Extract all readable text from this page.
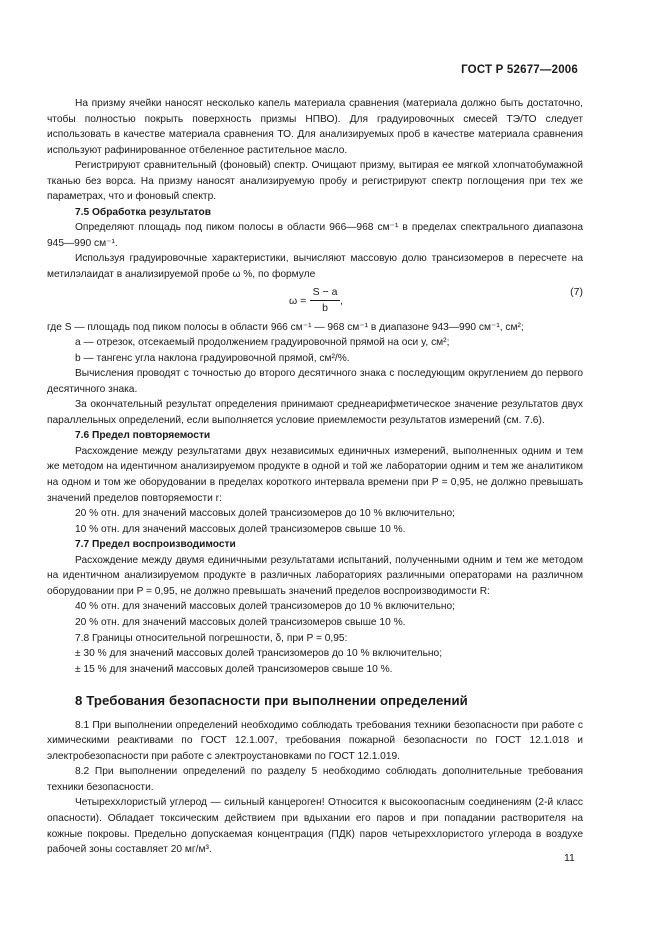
ГОСТ Р 52677—2006

На призму ячейки наносят несколько капель материала сравнения (материала должно быть достаточно, чтобы полностью покрыть поверхность призмы НПВО). Для градуировочных смесей ТЭ/ТО следует использовать в качестве материала сравнения ТО. Для анализируемых проб в качестве материала сравнения используют рафинированное отбеленное растительное масло.

Регистрируют сравнительный (фоновый) спектр. Очищают призму, вытирая ее мягкой хлопчатобумажной тканью без ворса. На призму наносят анализируемую пробу и регистрируют спектр поглощения при тех же параметрах, что и фоновый спектр.

7.5 Обработка результатов

Определяют площадь под пиком полосы в области 966—968 см⁻¹ в пределах спектрального диапазона 945—990 см⁻¹.

Используя градуировочные характеристики, вычисляют массовую долю трансизомеров в пересчете на метилэлаидат в анализируемой пробе ω %, по формуле

$\omega = \frac{S - a}{b}$ ,
(7)

где S — площадь под пиком полосы в области 966 см⁻¹ — 968 см⁻¹ в диапазоне 943—990 см⁻¹, см²;

a — отрезок, отсекаемый продолжением градуировочной прямой на оси y, см²;

b — тангенс угла наклона градуировочной прямой, см²/%.

Вычисления проводят с точностью до второго десятичного знака с последующим округлением до первого десятичного знака.

За окончательный результат определения принимают среднеарифметическое значение результатов двух параллельных определений, если выполняется условие приемлемости результатов измерений (см. 7.6).

7.6 Предел повторяемости

Расхождение между результатами двух независимых единичных измерений, выполненных одним и тем же методом на идентичном анализируемом продукте в одной и той же лаборатории одним и тем же аналитиком на одном и том же оборудовании в пределах короткого интервала времени при P = 0,95, не должно превышать значений пределов повторяемости r:

20 % отн. для значений массовых долей трансизомеров до 10 % включительно;

10 % отн. для значений массовых долей трансизомеров свыше 10 %.

7.7 Предел воспроизводимости

Расхождение между двумя единичными результатами испытаний, полученными одним и тем же методом на идентичном анализируемом продукте в различных лабораториях различными операторами на различном оборудовании при P = 0,95, не должно превышать значений пределов воспроизводимости R:

40 % отн. для значений массовых долей трансизомеров до 10 % включительно;

20 % отн. для значений массовых долей трансизомеров свыше 10 %.

7.8 Границы относительной погрешности, δ, при P = 0,95:

± 30 % для значений массовых долей трансизомеров до 10 % включительно;

± 15 % для значений массовых долей трансизомеров свыше 10 %.

8 Требования безопасности при выполнении определений

8.1 При выполнении определений необходимо соблюдать требования техники безопасности при работе с химическими реактивами по ГОСТ 12.1.007, требования пожарной безопасности по ГОСТ 12.1.018 и электробезопасности при работе с электроустановками по ГОСТ 12.1.019.

8.2 При выполнении определений по разделу 5 необходимо соблюдать дополнительные требования техники безопасности.

Четыреххлористый углерод — сильный канцероген! Относится к высокоопасным соединениям (2-й класс опасности). Обладает токсическим действием при вдыхании его паров и при попадании растворителя на кожные покровы. Предельно допускаемая концентрация (ПДК) паров четыреххлористого углерода в воздухе рабочей зоны составляет 20 мг/м³.

11
